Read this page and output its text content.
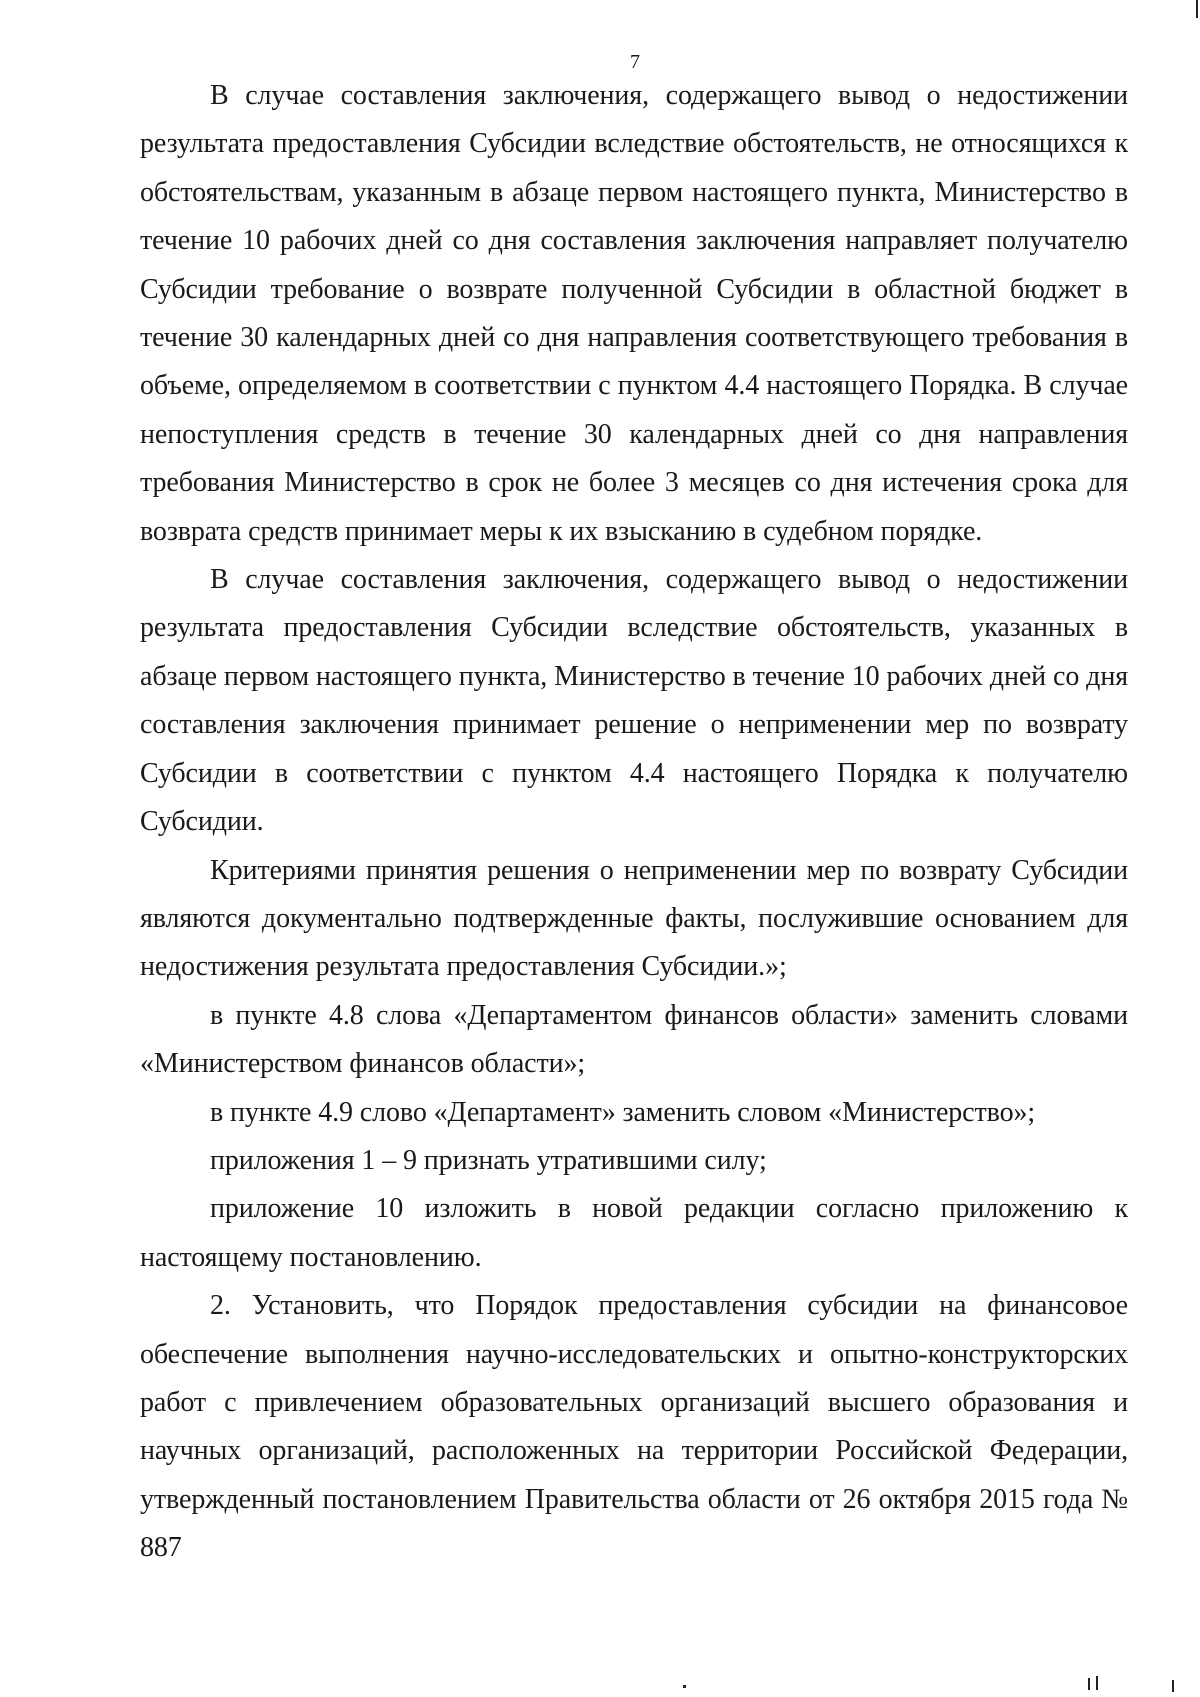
7

В случае составления заключения, содержащего вывод о недостижении результата предоставления Субсидии вследствие обстоятельств, не относящихся к обстоятельствам, указанным в абзаце первом настоящего пункта, Министерство в течение 10 рабочих дней со дня составления заключения направляет получателю Субсидии требование о возврате полученной Субсидии в областной бюджет в течение 30 календарных дней со дня направления соответствующего требования в объеме, определяемом в соответствии с пунктом 4.4 настоящего Порядка. В случае непоступления средств в течение 30 календарных дней со дня направления требования Министерство в срок не более 3 месяцев со дня истечения срока для возврата средств принимает меры к их взысканию в судебном порядке.

В случае составления заключения, содержащего вывод о недостижении результата предоставления Субсидии вследствие обстоятельств, указанных в абзаце первом настоящего пункта, Министерство в течение 10 рабочих дней со дня составления заключения принимает решение о неприменении мер по возврату Субсидии в соответствии с пунктом 4.4 настоящего Порядка к получателю Субсидии.

Критериями принятия решения о неприменении мер по возврату Субсидии являются документально подтвержденные факты, послужившие основанием для недостижения результата предоставления Субсидии.»;

в пункте 4.8 слова «Департаментом финансов области» заменить словами «Министерством финансов области»;

в пункте 4.9 слово «Департамент» заменить словом «Министерство»;

приложения 1 – 9 признать утратившими силу;

приложение 10 изложить в новой редакции согласно приложению к настоящему постановлению.

2. Установить, что Порядок предоставления субсидии на финансовое обеспечение выполнения научно-исследовательских и опытно-конструкторских работ с привлечением образовательных организаций высшего образования и научных организаций, расположенных на территории Российской Федерации, утвержденный постановлением Правительства области от 26 октября 2015 года № 887
